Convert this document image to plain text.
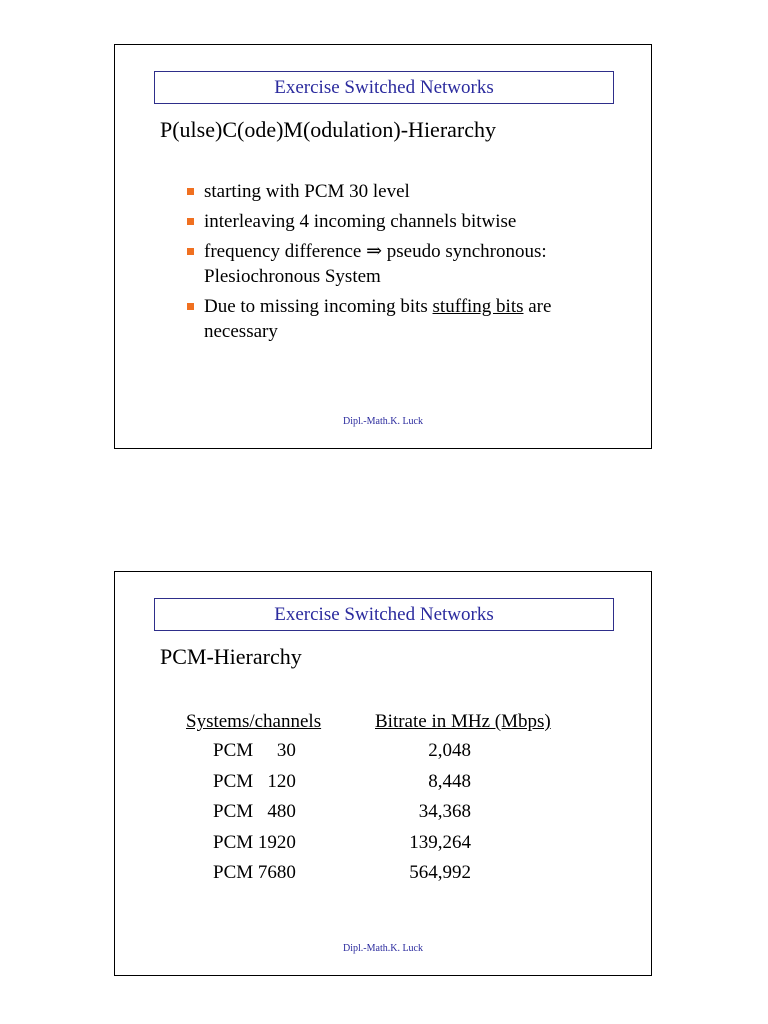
Exercise Switched Networks
P(ulse)C(ode)M(odulation)-Hierarchy
starting with PCM 30 level
interleaving 4 incoming channels bitwise
frequency difference ⇒ pseudo synchronous:
Plesiochronous System
Due to missing incoming bits stuffing bits are necessary
Dipl.-Math.K. Luck
Exercise Switched Networks
PCM-Hierarchy
Systems/channels	Bitrate in MHz (Mbps)
PCM     30	2,048
PCM   120	8,448
PCM   480	34,368
PCM 1920	139,264
PCM 7680	564,992
Dipl.-Math.K. Luck
